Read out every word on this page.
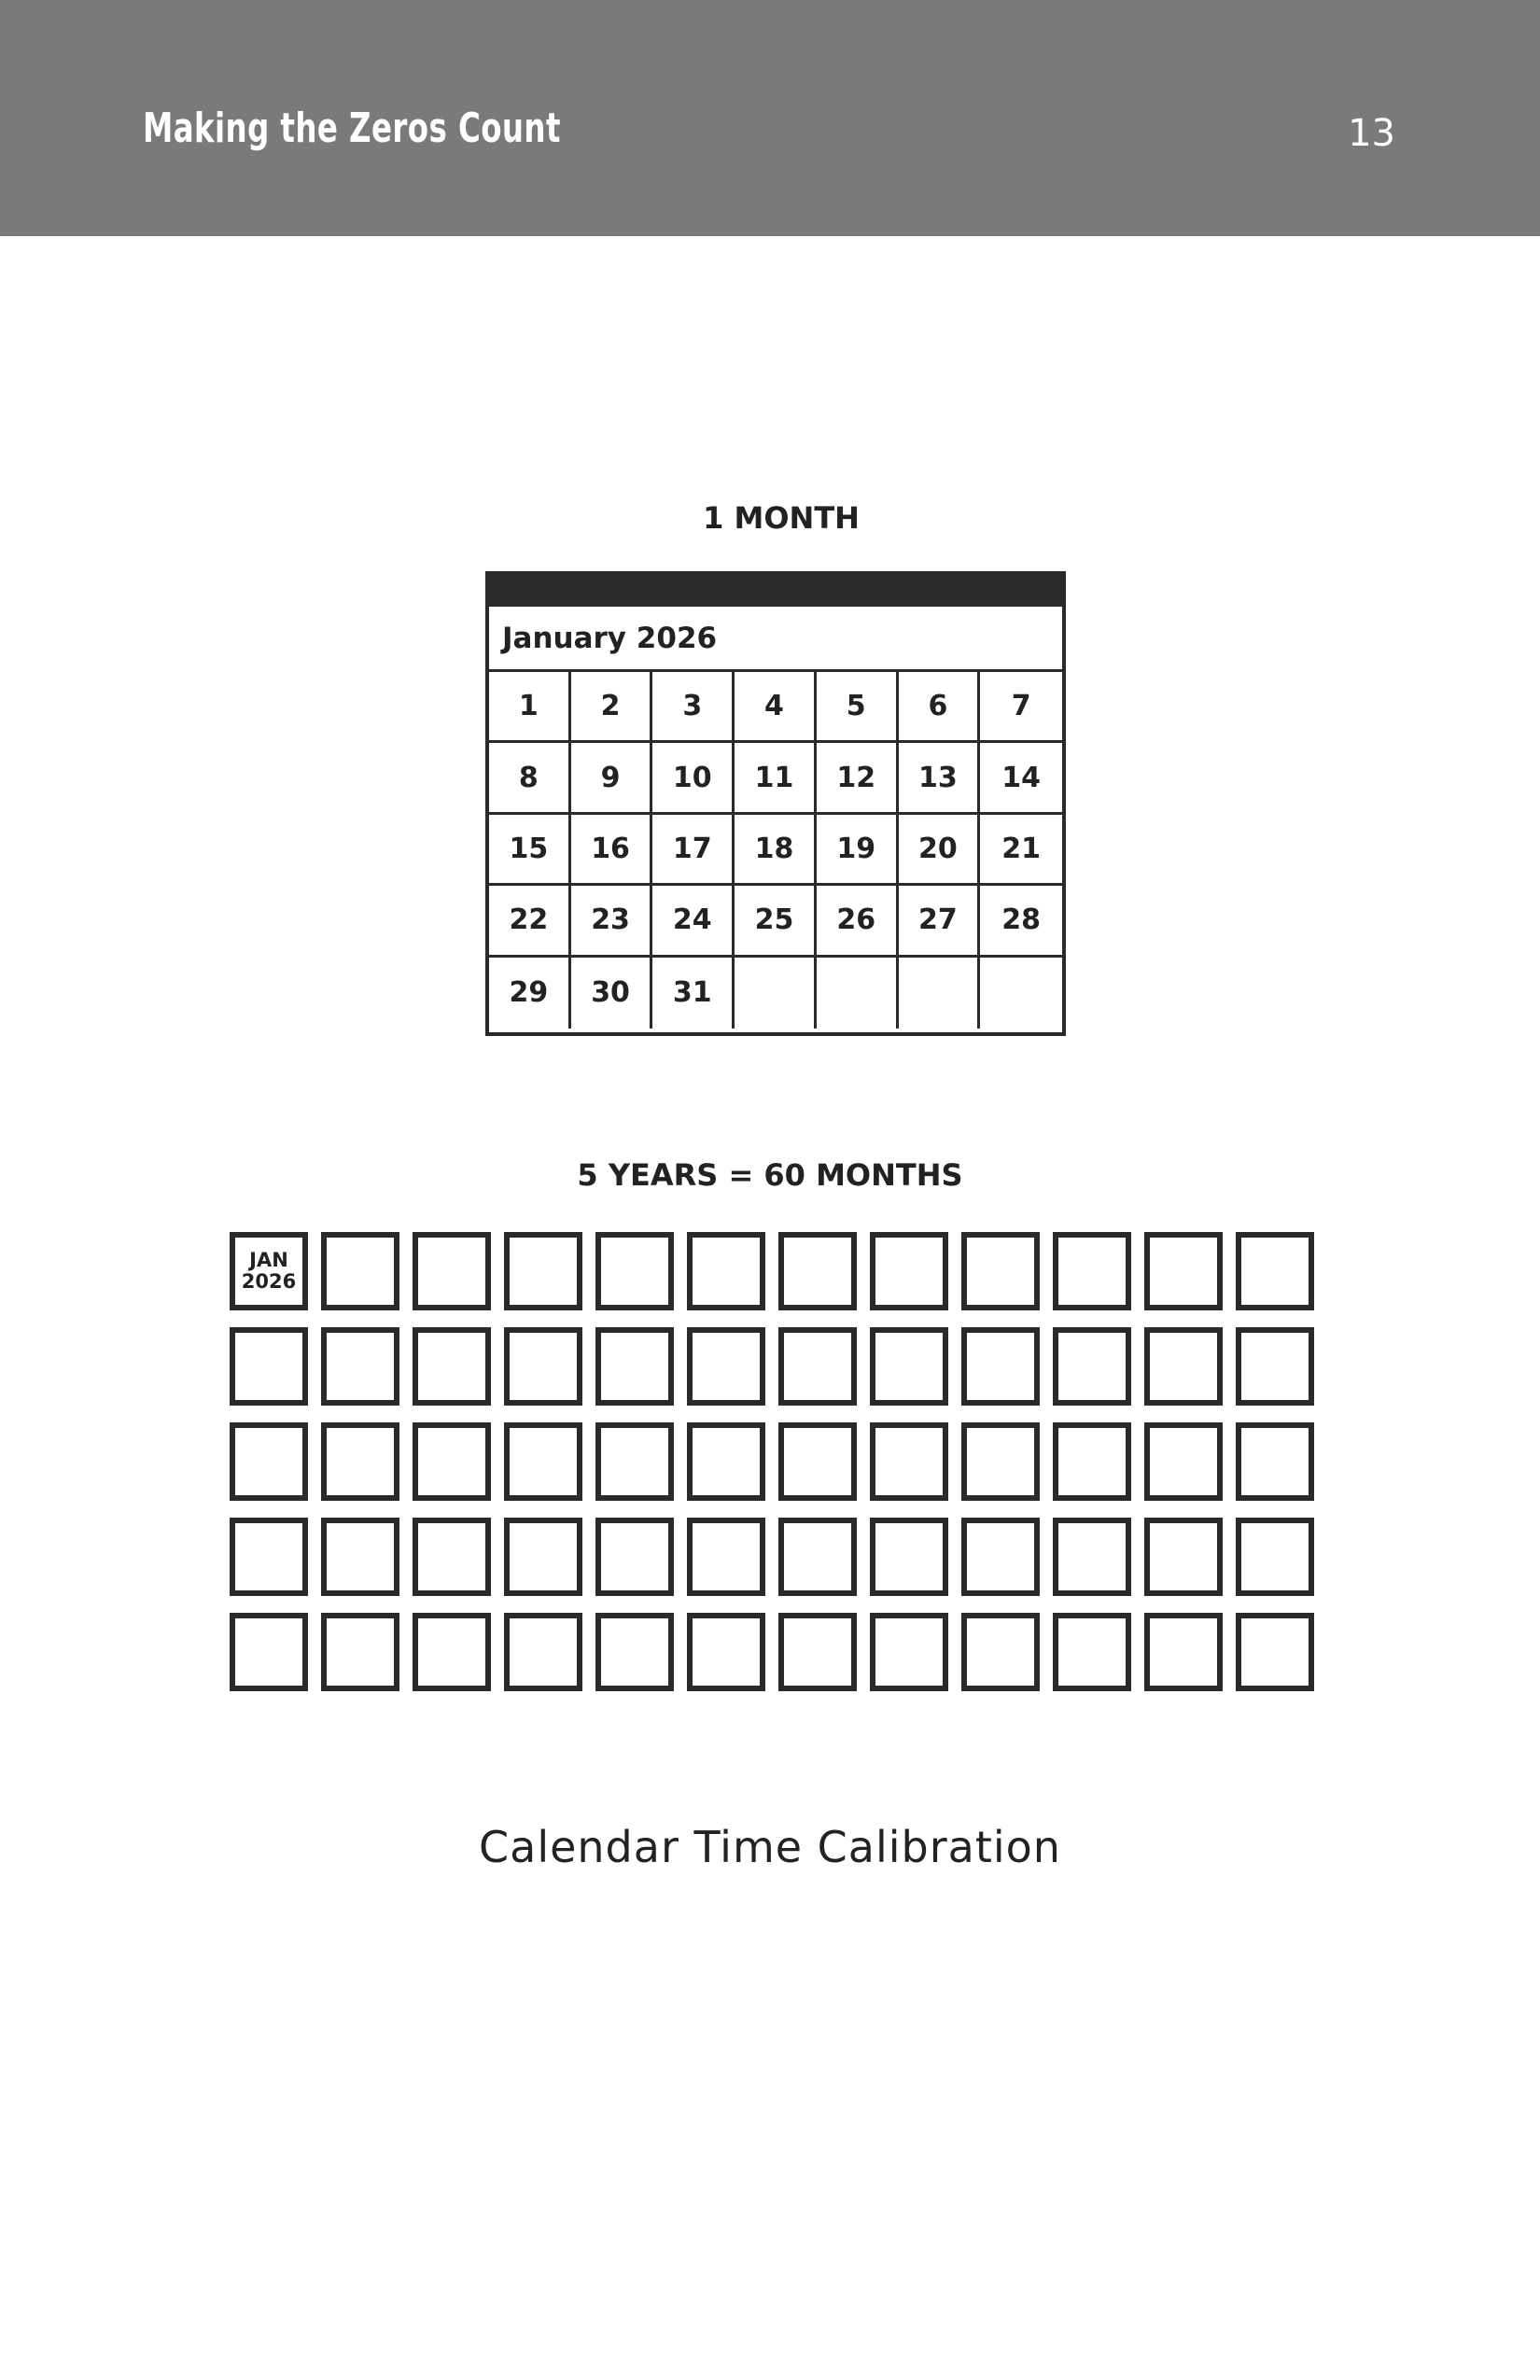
Making the Zeros Count	13
1 MONTH
January 2026
1	2	3	4	5	6	7
8	9	10	11	12	13	14
15	16	17	18	19	20	21
22	23	24	25	26	27	28
29	30	31
5 YEARS = 60 MONTHS
JAN
2026
Calendar Time Calibration
